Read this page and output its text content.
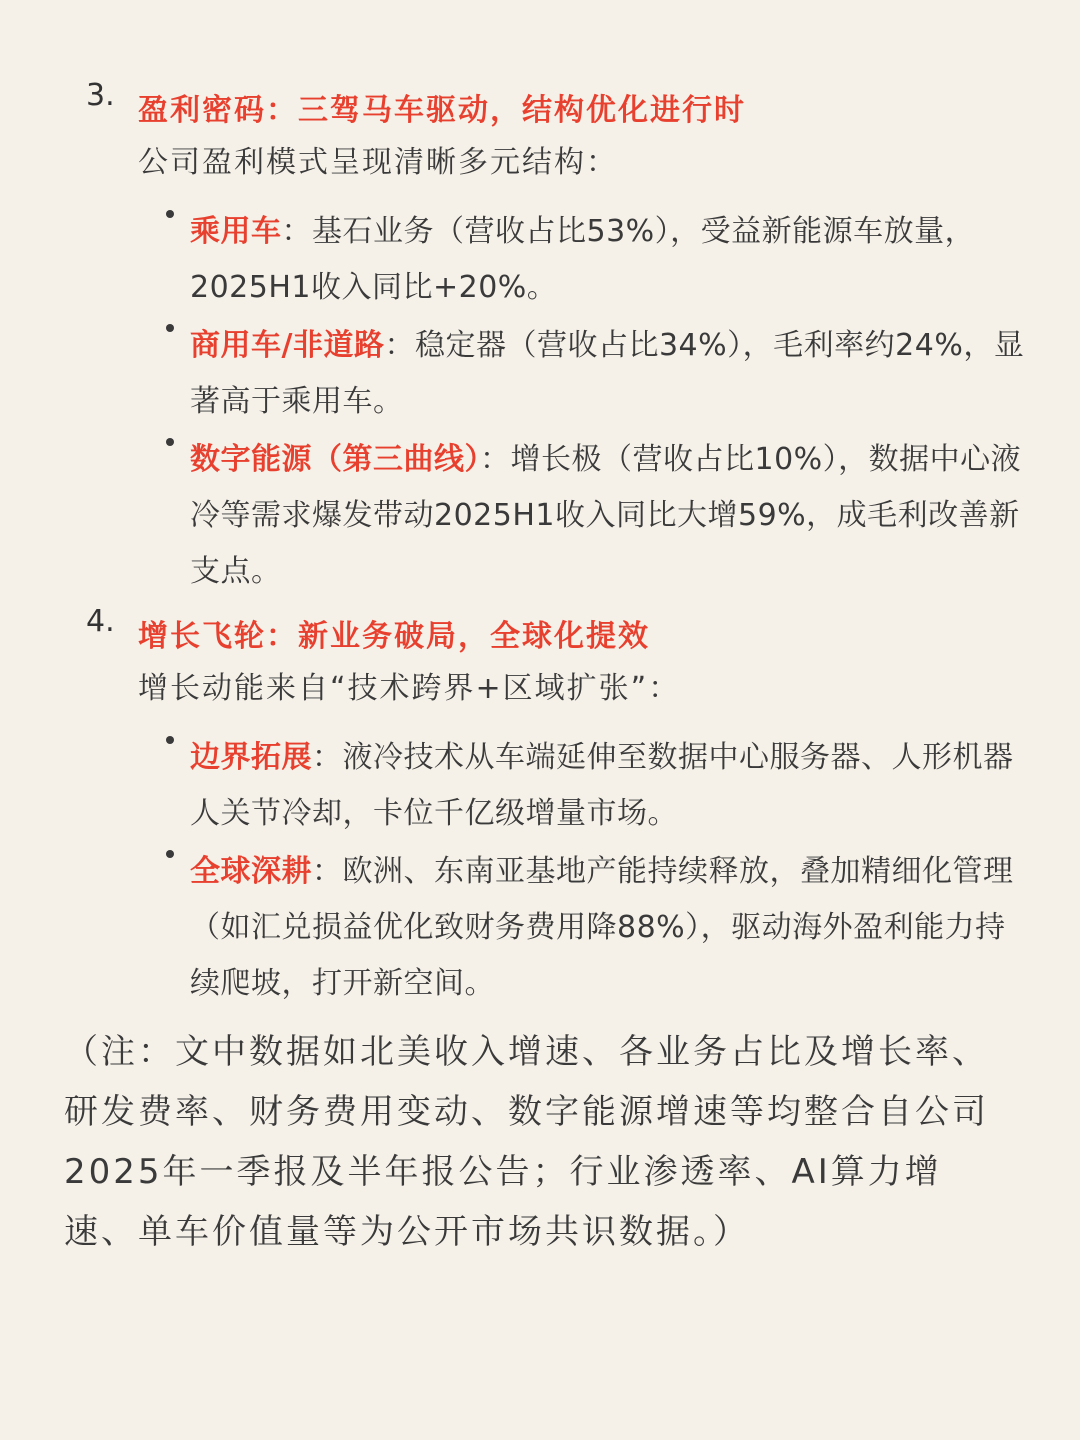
3. 盈利密码：三驾马车驱动，结构优化进行时
公司盈利模式呈现清晰多元结构：
乘用车：基石业务（营收占比53%），受益新能源车放量，2025H1收入同比+20%。
商用车/非道路：稳定器（营收占比34%），毛利率约24%，显著高于乘用车。
数字能源（第三曲线）：增长极（营收占比10%），数据中心液冷等需求爆发带动2025H1收入同比大增59%，成毛利改善新支点。
4. 增长飞轮：新业务破局，全球化提效
增长动能来自“技术跨界+区域扩张”：
边界拓展：液冷技术从车端延伸至数据中心服务器、人形机器人关节冷却，卡位千亿级增量市场。
全球深耕：欧洲、东南亚基地产能持续释放，叠加精细化管理（如汇兑损益优化致财务费用降88%），驱动海外盈利能力持续爬坡，打开新空间。
（注：文中数据如北美收入增速、各业务占比及增长率、研发费率、财务费用变动、数字能源增速等均整合自公司2025年一季报及半年报公告；行业渗透率、AI算力增速、单车价值量等为公开市场共识数据。）
